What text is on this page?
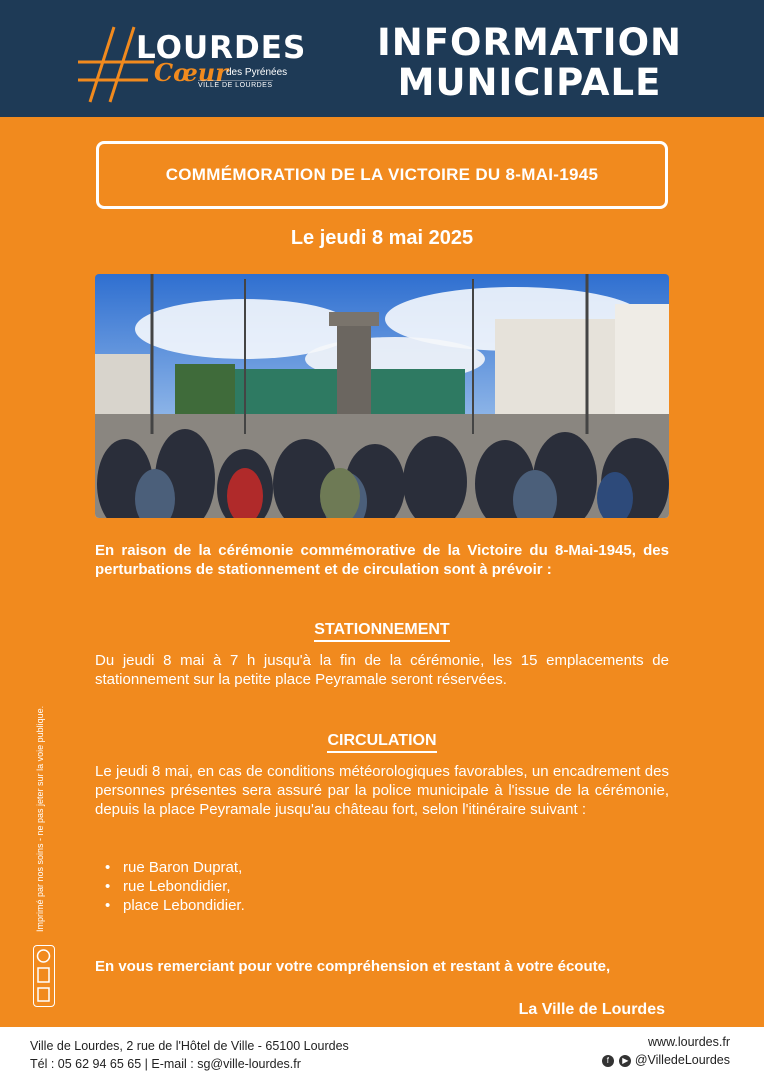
LOURDES
Cœur
des Pyrénées
VILLE DE LOURDES
INFORMATION
MUNICIPALE
COMMÉMORATION DE LA VICTOIRE DU 8-MAI-1945
Le jeudi 8 mai 2025
En raison de la cérémonie commémorative de la Victoire du 8-Mai-1945, des perturbations de stationnement et de circulation sont à prévoir :
STATIONNEMENT
Du jeudi 8 mai à 7 h jusqu'à la fin de la cérémonie, les 15 emplacements de stationnement sur la petite place Peyramale seront réservées.
CIRCULATION
Le jeudi 8 mai, en cas de conditions météorologiques favorables, un encadrement des personnes présentes sera assuré par la police municipale à l'issue de la cérémonie, depuis la place Peyramale jusqu'au château fort, selon l'itinéraire suivant :
• rue Baron Duprat,
• rue Lebondidier,
• place Lebondidier.
En vous remerciant pour votre compréhension et restant à votre écoute,
La Ville de Lourdes
Imprimé par nos soins - ne pas jeter sur la voie publique.
Ville de Lourdes, 2 rue de l'Hôtel de Ville - 65100 Lourdes
Tél : 05 62 94 65 65 | E-mail : sg@ville-lourdes.fr
www.lourdes.fr
f ▶ @VilledeLourdes
